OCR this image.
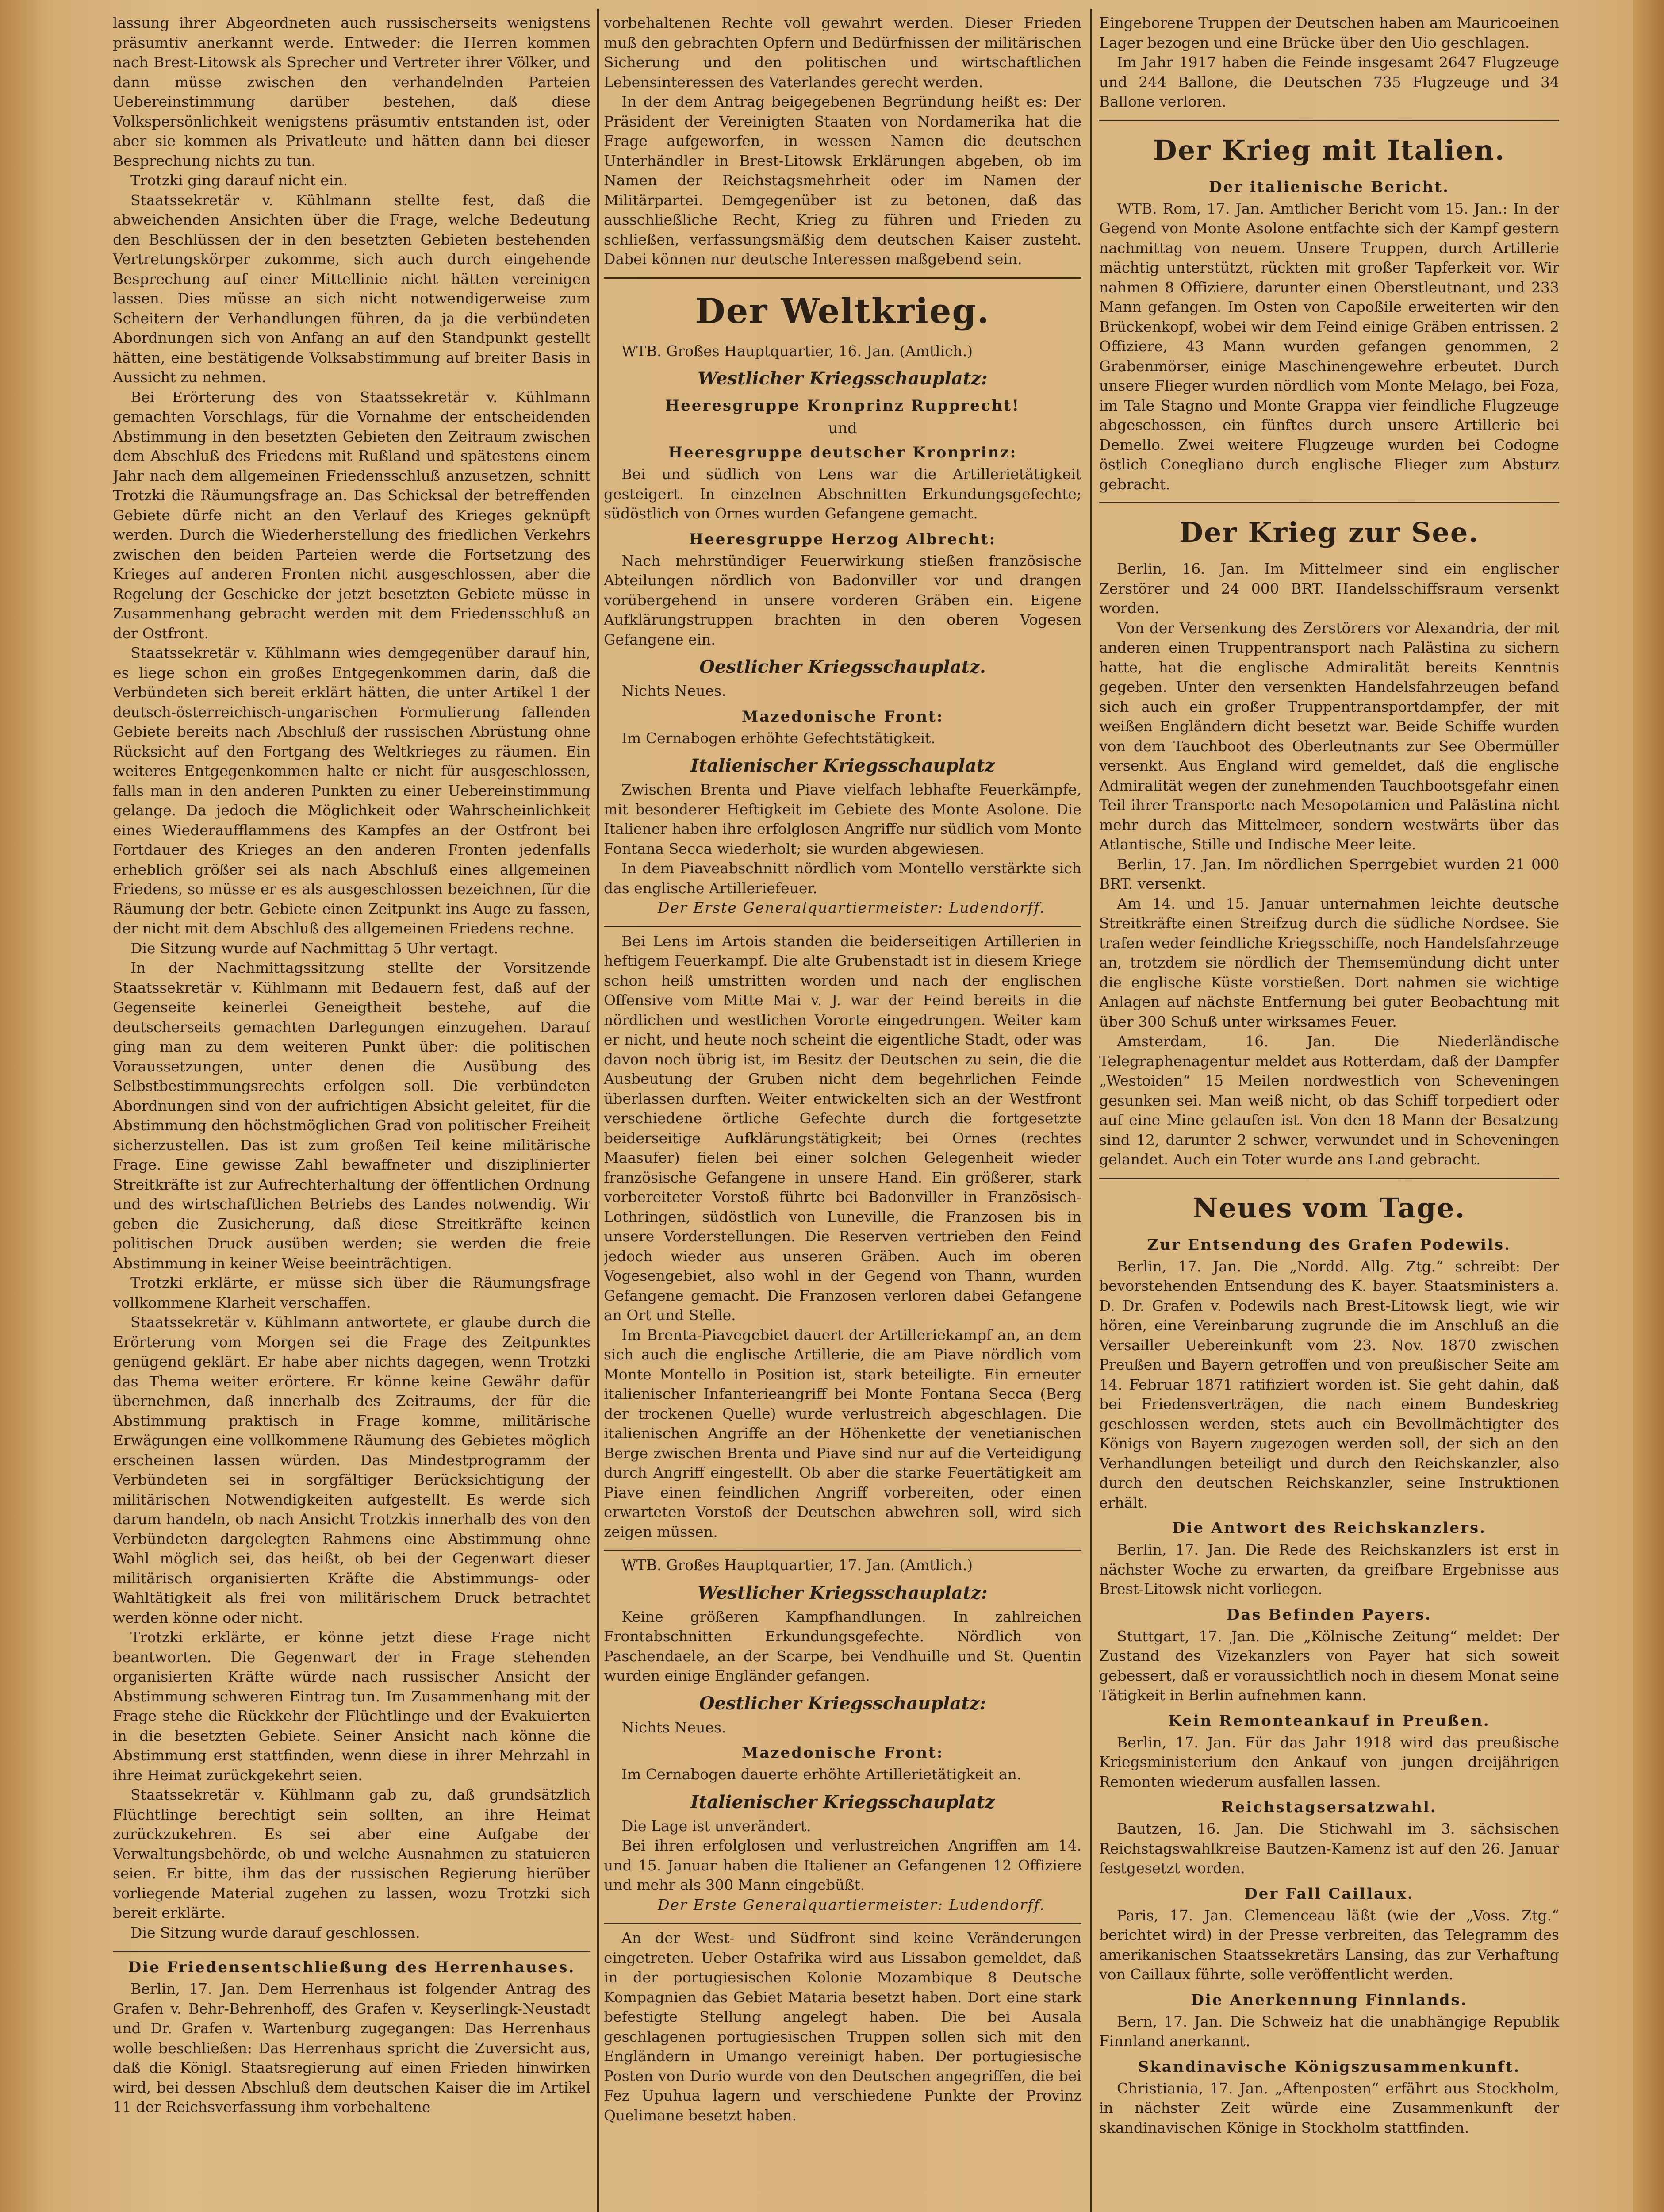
lassung ihrer Abgeordneten auch russischerseits wenigstens präsumtiv anerkannt werde. Entweder: die Herren kommen nach Brest-Litowsk als Sprecher und Vertreter ihrer Völker, und dann müsse zwischen den verhandelnden Parteien Uebereinstimmung darüber bestehen, daß diese Volkspersönlichkeit wenigstens präsumtiv entstanden ist, oder aber sie kommen als Privatleute und hätten dann bei dieser Besprechung nichts zu tun.

Trotzki ging darauf nicht ein.

Staatssekretär v. Kühlmann stellte fest, daß die abweichenden Ansichten über die Frage, welche Bedeutung den Beschlüssen der in den besetzten Gebieten bestehenden Vertretungskörper zukomme, sich auch durch eingehende Besprechung auf einer Mittellinie nicht hätten vereinigen lassen. Dies müsse an sich nicht notwendigerweise zum Scheitern der Verhandlungen führen, da ja die verbündeten Abordnungen sich von Anfang an auf den Standpunkt gestellt hätten, eine bestätigende Volksabstimmung auf breiter Basis in Aussicht zu nehmen.

Bei Erörterung des von Staatssekretär v. Kühlmann gemachten Vorschlags, für die Vornahme der entscheidenden Abstimmung in den besetzten Gebieten den Zeitraum zwischen dem Abschluß des Friedens mit Rußland und spätestens einem Jahr nach dem allgemeinen Friedensschluß anzusetzen, schnitt Trotzki die Räumungsfrage an. Das Schicksal der betreffenden Gebiete dürfe nicht an den Verlauf des Krieges geknüpft werden. Durch die Wiederherstellung des friedlichen Verkehrs zwischen den beiden Parteien werde die Fortsetzung des Krieges auf anderen Fronten nicht ausgeschlossen, aber die Regelung der Geschicke der jetzt besetzten Gebiete müsse in Zusammenhang gebracht werden mit dem Friedensschluß an der Ostfront.

Staatssekretär v. Kühlmann wies demgegenüber darauf hin, es liege schon ein großes Entgegenkommen darin, daß die Verbündeten sich bereit erklärt hätten, die unter Artikel 1 der deutsch-österreichisch-ungarischen Formulierung fallenden Gebiete bereits nach Abschluß der russischen Abrüstung ohne Rücksicht auf den Fortgang des Weltkrieges zu räumen. Ein weiteres Entgegenkommen halte er nicht für ausgeschlossen, falls man in den anderen Punkten zu einer Uebereinstimmung gelange. Da jedoch die Möglichkeit oder Wahrscheinlichkeit eines Wiederaufflammens des Kampfes an der Ostfront bei Fortdauer des Krieges an den anderen Fronten jedenfalls erheblich größer sei als nach Abschluß eines allgemeinen Friedens, so müsse er es als ausgeschlossen bezeichnen, für die Räumung der betr. Gebiete einen Zeitpunkt ins Auge zu fassen, der nicht mit dem Abschluß des allgemeinen Friedens rechne.

Die Sitzung wurde auf Nachmittag 5 Uhr vertagt.

In der Nachmittagssitzung stellte der Vorsitzende Staatssekretär v. Kühlmann mit Bedauern fest, daß auf der Gegenseite keinerlei Geneigtheit bestehe, auf die deutscherseits gemachten Darlegungen einzugehen. Darauf ging man zu dem weiteren Punkt über: die politischen Voraussetzungen, unter denen die Ausübung des Selbstbestimmungsrechts erfolgen soll. Die verbündeten Abordnungen sind von der aufrichtigen Absicht geleitet, für die Abstimmung den höchstmöglichen Grad von politischer Freiheit sicherzustellen. Das ist zum großen Teil keine militärische Frage. Eine gewisse Zahl bewaffneter und disziplinierter Streitkräfte ist zur Aufrechterhaltung der öffentlichen Ordnung und des wirtschaftlichen Betriebs des Landes notwendig. Wir geben die Zusicherung, daß diese Streitkräfte keinen politischen Druck ausüben werden; sie werden die freie Abstimmung in keiner Weise beeinträchtigen.

Trotzki erklärte, er müsse sich über die Räumungsfrage vollkommene Klarheit verschaffen.

Staatssekretär v. Kühlmann antwortete, er glaube durch die Erörterung vom Morgen sei die Frage des Zeitpunktes genügend geklärt. Er habe aber nichts dagegen, wenn Trotzki das Thema weiter erörtere. Er könne keine Gewähr dafür übernehmen, daß innerhalb des Zeitraums, der für die Abstimmung praktisch in Frage komme, militärische Erwägungen eine vollkommene Räumung des Gebietes möglich erscheinen lassen würden. Das Mindestprogramm der Verbündeten sei in sorgfältiger Berücksichtigung der militärischen Notwendigkeiten aufgestellt. Es werde sich darum handeln, ob nach Ansicht Trotzkis innerhalb des von den Verbündeten dargelegten Rahmens eine Abstimmung ohne Wahl möglich sei, das heißt, ob bei der Gegenwart dieser militärisch organisierten Kräfte die Abstimmungs- oder Wahltätigkeit als frei von militärischem Druck betrachtet werden könne oder nicht.

Trotzki erklärte, er könne jetzt diese Frage nicht beantworten. Die Gegenwart der in Frage stehenden organisierten Kräfte würde nach russischer Ansicht der Abstimmung schweren Eintrag tun. Im Zusammenhang mit der Frage stehe die Rückkehr der Flüchtlinge und der Evakuierten in die besetzten Gebiete. Seiner Ansicht nach könne die Abstimmung erst stattfinden, wenn diese in ihrer Mehrzahl in ihre Heimat zurückgekehrt seien.

Staatssekretär v. Kühlmann gab zu, daß grundsätzlich Flüchtlinge berechtigt sein sollten, an ihre Heimat zurückzukehren. Es sei aber eine Aufgabe der Verwaltungsbehörde, ob und welche Ausnahmen zu statuieren seien. Er bitte, ihm das der russischen Regierung hierüber vorliegende Material zugehen zu lassen, wozu Trotzki sich bereit erklärte.

Die Sitzung wurde darauf geschlossen.

Die Friedensentschließung des Herrenhauses.

Berlin, 17. Jan. Dem Herrenhaus ist folgender Antrag des Grafen v. Behr-Behrenhoff, des Grafen v. Keyserlingk-Neustadt und Dr. Grafen v. Wartenburg zugegangen: Das Herrenhaus wolle beschließen: Das Herrenhaus spricht die Zuversicht aus, daß die Königl. Staatsregierung auf einen Frieden hinwirken wird, bei dessen Abschluß dem deutschen Kaiser die im Artikel 11 der Reichsverfassung ihm vorbehaltene

vorbehaltenen Rechte voll gewahrt werden. Dieser Frieden muß den gebrachten Opfern und Bedürfnissen der militärischen Sicherung und den politischen und wirtschaftlichen Lebensinteressen des Vaterlandes gerecht werden.

In der dem Antrag beigegebenen Begründung heißt es: Der Präsident der Vereinigten Staaten von Nordamerika hat die Frage aufgeworfen, in wessen Namen die deutschen Unterhändler in Brest-Litowsk Erklärungen abgeben, ob im Namen der Reichstagsmehrheit oder im Namen der Militärpartei. Demgegenüber ist zu betonen, daß das ausschließliche Recht, Krieg zu führen und Frieden zu schließen, verfassungsmäßig dem deutschen Kaiser zusteht. Dabei können nur deutsche Interessen maßgebend sein.

Der Weltkrieg.

WTB. Großes Hauptquartier, 16. Jan. (Amtlich.)

Westlicher Kriegsschauplatz:
Heeresgruppe Kronprinz Rupprecht!
und
Heeresgruppe deutscher Kronprinz:

Bei und südlich von Lens war die Artillerietätigkeit gesteigert. In einzelnen Abschnitten Erkundungsgefechte; südöstlich von Ornes wurden Gefangene gemacht.

Heeresgruppe Herzog Albrecht:

Nach mehrstündiger Feuerwirkung stießen französische Abteilungen nördlich von Badonviller vor und drangen vorübergehend in unsere vorderen Gräben ein. Eigene Aufklärungstruppen brachten in den oberen Vogesen Gefangene ein.

Oestlicher Kriegsschauplatz.

Nichts Neues.

Mazedonische Front:

Im Cernabogen erhöhte Gefechtstätigkeit.

Italienischer Kriegsschauplatz

Zwischen Brenta und Piave vielfach lebhafte Feuerkämpfe, mit besonderer Heftigkeit im Gebiete des Monte Asolone. Die Italiener haben ihre erfolglosen Angriffe nur südlich vom Monte Fontana Secca wiederholt; sie wurden abgewiesen.

In dem Piaveabschnitt nördlich vom Montello verstärkte sich das englische Artilleriefeuer.

Der Erste Generalquartiermeister: Ludendorff.

Bei Lens im Artois standen die beiderseitigen Artillerien in heftigem Feuerkampf. Die alte Grubenstadt ist in diesem Kriege schon heiß umstritten worden und nach der englischen Offensive vom Mitte Mai v. J. war der Feind bereits in die nördlichen und westlichen Vororte eingedrungen. Weiter kam er nicht, und heute noch scheint die eigentliche Stadt, oder was davon noch übrig ist, im Besitz der Deutschen zu sein, die die Ausbeutung der Gruben nicht dem begehrlichen Feinde überlassen durften. Weiter entwickelten sich an der Westfront verschiedene örtliche Gefechte durch die fortgesetzte beiderseitige Aufklärungstätigkeit; bei Ornes (rechtes Maasufer) fielen bei einer solchen Gelegenheit wieder französische Gefangene in unsere Hand. Ein größerer, stark vorbereiteter Vorstoß führte bei Badonviller in Französisch-Lothringen, südöstlich von Luneville, die Franzosen bis in unsere Vorderstellungen. Die Reserven vertrieben den Feind jedoch wieder aus unseren Gräben. Auch im oberen Vogesengebiet, also wohl in der Gegend von Thann, wurden Gefangene gemacht. Die Franzosen verloren dabei Gefangene an Ort und Stelle.

Im Brenta-Piavegebiet dauert der Artilleriekampf an, an dem sich auch die englische Artillerie, die am Piave nördlich vom Monte Montello in Position ist, stark beteiligte. Ein erneuter italienischer Infanterieangriff bei Monte Fontana Secca (Berg der trockenen Quelle) wurde verlustreich abgeschlagen. Die italienischen Angriffe an der Höhenkette der venetianischen Berge zwischen Brenta und Piave sind nur auf die Verteidigung durch Angriff eingestellt. Ob aber die starke Feuertätigkeit am Piave einen feindlichen Angriff vorbereiten, oder einen erwarteten Vorstoß der Deutschen abwehren soll, wird sich zeigen müssen.

WTB. Großes Hauptquartier, 17. Jan. (Amtlich.)

Westlicher Kriegsschauplatz:

Keine größeren Kampfhandlungen. In zahlreichen Frontabschnitten Erkundungsgefechte. Nördlich von Paschendaele, an der Scarpe, bei Vendhuille und St. Quentin wurden einige Engländer gefangen.

Oestlicher Kriegsschauplatz:

Nichts Neues.

Mazedonische Front:

Im Cernabogen dauerte erhöhte Artillerietätigkeit an.

Italienischer Kriegsschauplatz

Die Lage ist unverändert.

Bei ihren erfolglosen und verlustreichen Angriffen am 14. und 15. Januar haben die Italiener an Gefangenen 12 Offiziere und mehr als 300 Mann eingebüßt.

Der Erste Generalquartiermeister: Ludendorff.

An der West- und Südfront sind keine Veränderungen eingetreten. Ueber Ostafrika wird aus Lissabon gemeldet, daß in der portugiesischen Kolonie Mozambique 8 Deutsche Kompagnien das Gebiet Mataria besetzt haben. Dort eine stark befestigte Stellung angelegt haben. Die bei Ausala geschlagenen portugiesischen Truppen sollen sich mit den Engländern in Umango vereinigt haben. Der portugiesische Posten von Durio wurde von den Deutschen angegriffen, die bei Fez Upuhua lagern und verschiedene Punkte der Provinz Quelimane besetzt haben.

Eingeborene Truppen der Deutschen haben am Mauricoeinen Lager bezogen und eine Brücke über den Uio geschlagen.

Im Jahr 1917 haben die Feinde insgesamt 2647 Flugzeuge und 244 Ballone, die Deutschen 735 Flugzeuge und 34 Ballone verloren.

Der Krieg mit Italien.
Der italienische Bericht.

WTB. Rom, 17. Jan. Amtlicher Bericht vom 15. Jan.: In der Gegend von Monte Asolone entfachte sich der Kampf gestern nachmittag von neuem. Unsere Truppen, durch Artillerie mächtig unterstützt, rückten mit großer Tapferkeit vor. Wir nahmen 8 Offiziere, darunter einen Oberstleutnant, und 233 Mann gefangen. Im Osten von Capoßile erweiterten wir den Brückenkopf, wobei wir dem Feind einige Gräben entrissen. 2 Offiziere, 43 Mann wurden gefangen genommen, 2 Grabenmörser, einige Maschinengewehre erbeutet. Durch unsere Flieger wurden nördlich vom Monte Melago, bei Foza, im Tale Stagno und Monte Grappa vier feindliche Flugzeuge abgeschossen, ein fünftes durch unsere Artillerie bei Demello. Zwei weitere Flugzeuge wurden bei Codogne östlich Conegliano durch englische Flieger zum Absturz gebracht.

Der Krieg zur See.

Berlin, 16. Jan. Im Mittelmeer sind ein englischer Zerstörer und 24 000 BRT. Handelsschiffsraum versenkt worden.

Von der Versenkung des Zerstörers vor Alexandria, der mit anderen einen Truppentransport nach Palästina zu sichern hatte, hat die englische Admiralität bereits Kenntnis gegeben. Unter den versenkten Handelsfahrzeugen befand sich auch ein großer Truppentransportdampfer, der mit weißen Engländern dicht besetzt war. Beide Schiffe wurden von dem Tauchboot des Oberleutnants zur See Obermüller versenkt. Aus England wird gemeldet, daß die englische Admiralität wegen der zunehmenden Tauchbootsgefahr einen Teil ihrer Transporte nach Mesopotamien und Palästina nicht mehr durch das Mittelmeer, sondern westwärts über das Atlantische, Stille und Indische Meer leite.

Berlin, 17. Jan. Im nördlichen Sperrgebiet wurden 21 000 BRT. versenkt.

Am 14. und 15. Januar unternahmen leichte deutsche Streitkräfte einen Streifzug durch die südliche Nordsee. Sie trafen weder feindliche Kriegsschiffe, noch Handelsfahrzeuge an, trotzdem sie nördlich der Themsemündung dicht unter die englische Küste vorstießen. Dort nahmen sie wichtige Anlagen auf nächste Entfernung bei guter Beobachtung mit über 300 Schuß unter wirksames Feuer.

Amsterdam, 16. Jan. Die Niederländische Telegraphenagentur meldet aus Rotterdam, daß der Dampfer „Westoiden“ 15 Meilen nordwestlich von Scheveningen gesunken sei. Man weiß nicht, ob das Schiff torpediert oder auf eine Mine gelaufen ist. Von den 18 Mann der Besatzung sind 12, darunter 2 schwer, verwundet und in Scheveningen gelandet. Auch ein Toter wurde ans Land gebracht.

Neues vom Tage.
Zur Entsendung des Grafen Podewils.

Berlin, 17. Jan. Die „Nordd. Allg. Ztg.“ schreibt: Der bevorstehenden Entsendung des K. bayer. Staatsministers a. D. Dr. Grafen v. Podewils nach Brest-Litowsk liegt, wie wir hören, eine Vereinbarung zugrunde die im Anschluß an die Versailler Uebereinkunft vom 23. Nov. 1870 zwischen Preußen und Bayern getroffen und von preußischer Seite am 14. Februar 1871 ratifiziert worden ist. Sie geht dahin, daß bei Friedensverträgen, die nach einem Bundeskrieg geschlossen werden, stets auch ein Bevollmächtigter des Königs von Bayern zugezogen werden soll, der sich an den Verhandlungen beteiligt und durch den Reichskanzler, also durch den deutschen Reichskanzler, seine Instruktionen erhält.

Die Antwort des Reichskanzlers.

Berlin, 17. Jan. Die Rede des Reichskanzlers ist erst in nächster Woche zu erwarten, da greifbare Ergebnisse aus Brest-Litowsk nicht vorliegen.

Das Befinden Payers.

Stuttgart, 17. Jan. Die „Kölnische Zeitung“ meldet: Der Zustand des Vizekanzlers von Payer hat sich soweit gebessert, daß er voraussichtlich noch in diesem Monat seine Tätigkeit in Berlin aufnehmen kann.

Kein Remonteankauf in Preußen.

Berlin, 17. Jan. Für das Jahr 1918 wird das preußische Kriegsministerium den Ankauf von jungen dreijährigen Remonten wiederum ausfallen lassen.

Reichstagsersatzwahl.

Bautzen, 16. Jan. Die Stichwahl im 3. sächsischen Reichstagswahlkreise Bautzen-Kamenz ist auf den 26. Januar festgesetzt worden.

Der Fall Caillaux.

Paris, 17. Jan. Clemenceau läßt (wie der „Voss. Ztg.“ berichtet wird) in der Presse verbreiten, das Telegramm des amerikanischen Staatssekretärs Lansing, das zur Verhaftung von Caillaux führte, solle veröffentlicht werden.

Die Anerkennung Finnlands.

Bern, 17. Jan. Die Schweiz hat die unabhängige Republik Finnland anerkannt.

Skandinavische Königszusammenkunft.

Christiania, 17. Jan. „Aftenposten“ erfährt aus Stockholm, in nächster Zeit würde eine Zusammenkunft der skandinavischen Könige in Stockholm stattfinden.
